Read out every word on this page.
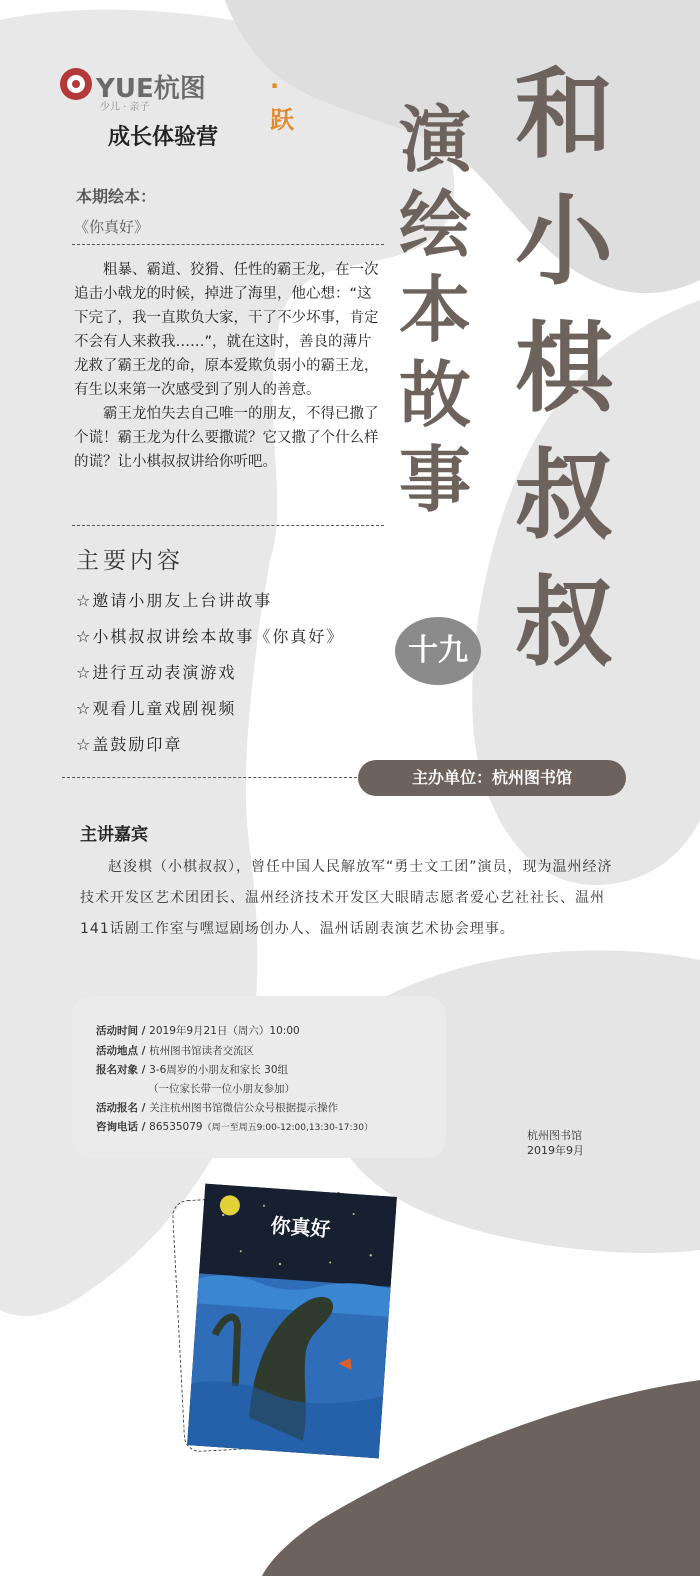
YUE杭图	·跃
少儿 · 亲子
成长体验营
本期绘本：
《你真好》

粗暴、霸道、狡猾、任性的霸王龙，在一次追击小戟龙的时候，掉进了海里，他心想：“这下完了，我一直欺负大家，干了不少坏事，肯定不会有人来救我……”，就在这时，善良的薄片龙救了霸王龙的命，原本爱欺负弱小的霸王龙，有生以来第一次感受到了别人的善意。

霸王龙怕失去自己唯一的朋友，不得已撒了个谎！霸王龙为什么要撒谎？它又撒了个什么样的谎？让小棋叔叔讲给你听吧。

演
绘
本
故
事
和
小
棋
叔
叔
十九
主要内容
☆邀请小朋友上台讲故事
☆小棋叔叔讲绘本故事《你真好》
☆进行互动表演游戏
☆观看儿童戏剧视频
☆盖鼓励印章
主办单位：杭州图书馆
主讲嘉宾
赵浚棋（小棋叔叔），曾任中国人民解放军“勇士文工团”演员，现为温州经济技术开发区艺术团团长、温州经济技术开发区大眼睛志愿者爱心艺社社长、温州141话剧工作室与嘿逗剧场创办人、温州话剧表演艺术协会理事。
活动时间 / 2019年9月21日（周六）10:00
活动地点 / 杭州图书馆读者交流区
报名对象 / 3-6周岁的小朋友和家长 30组
（一位家长带一位小朋友参加）
活动报名 / 关注杭州图书馆微信公众号根据提示操作
咨询电话 / 86535079（周一至周五9:00-12:00,13:30-17:30）
杭州图书馆
2019年9月
你真好
